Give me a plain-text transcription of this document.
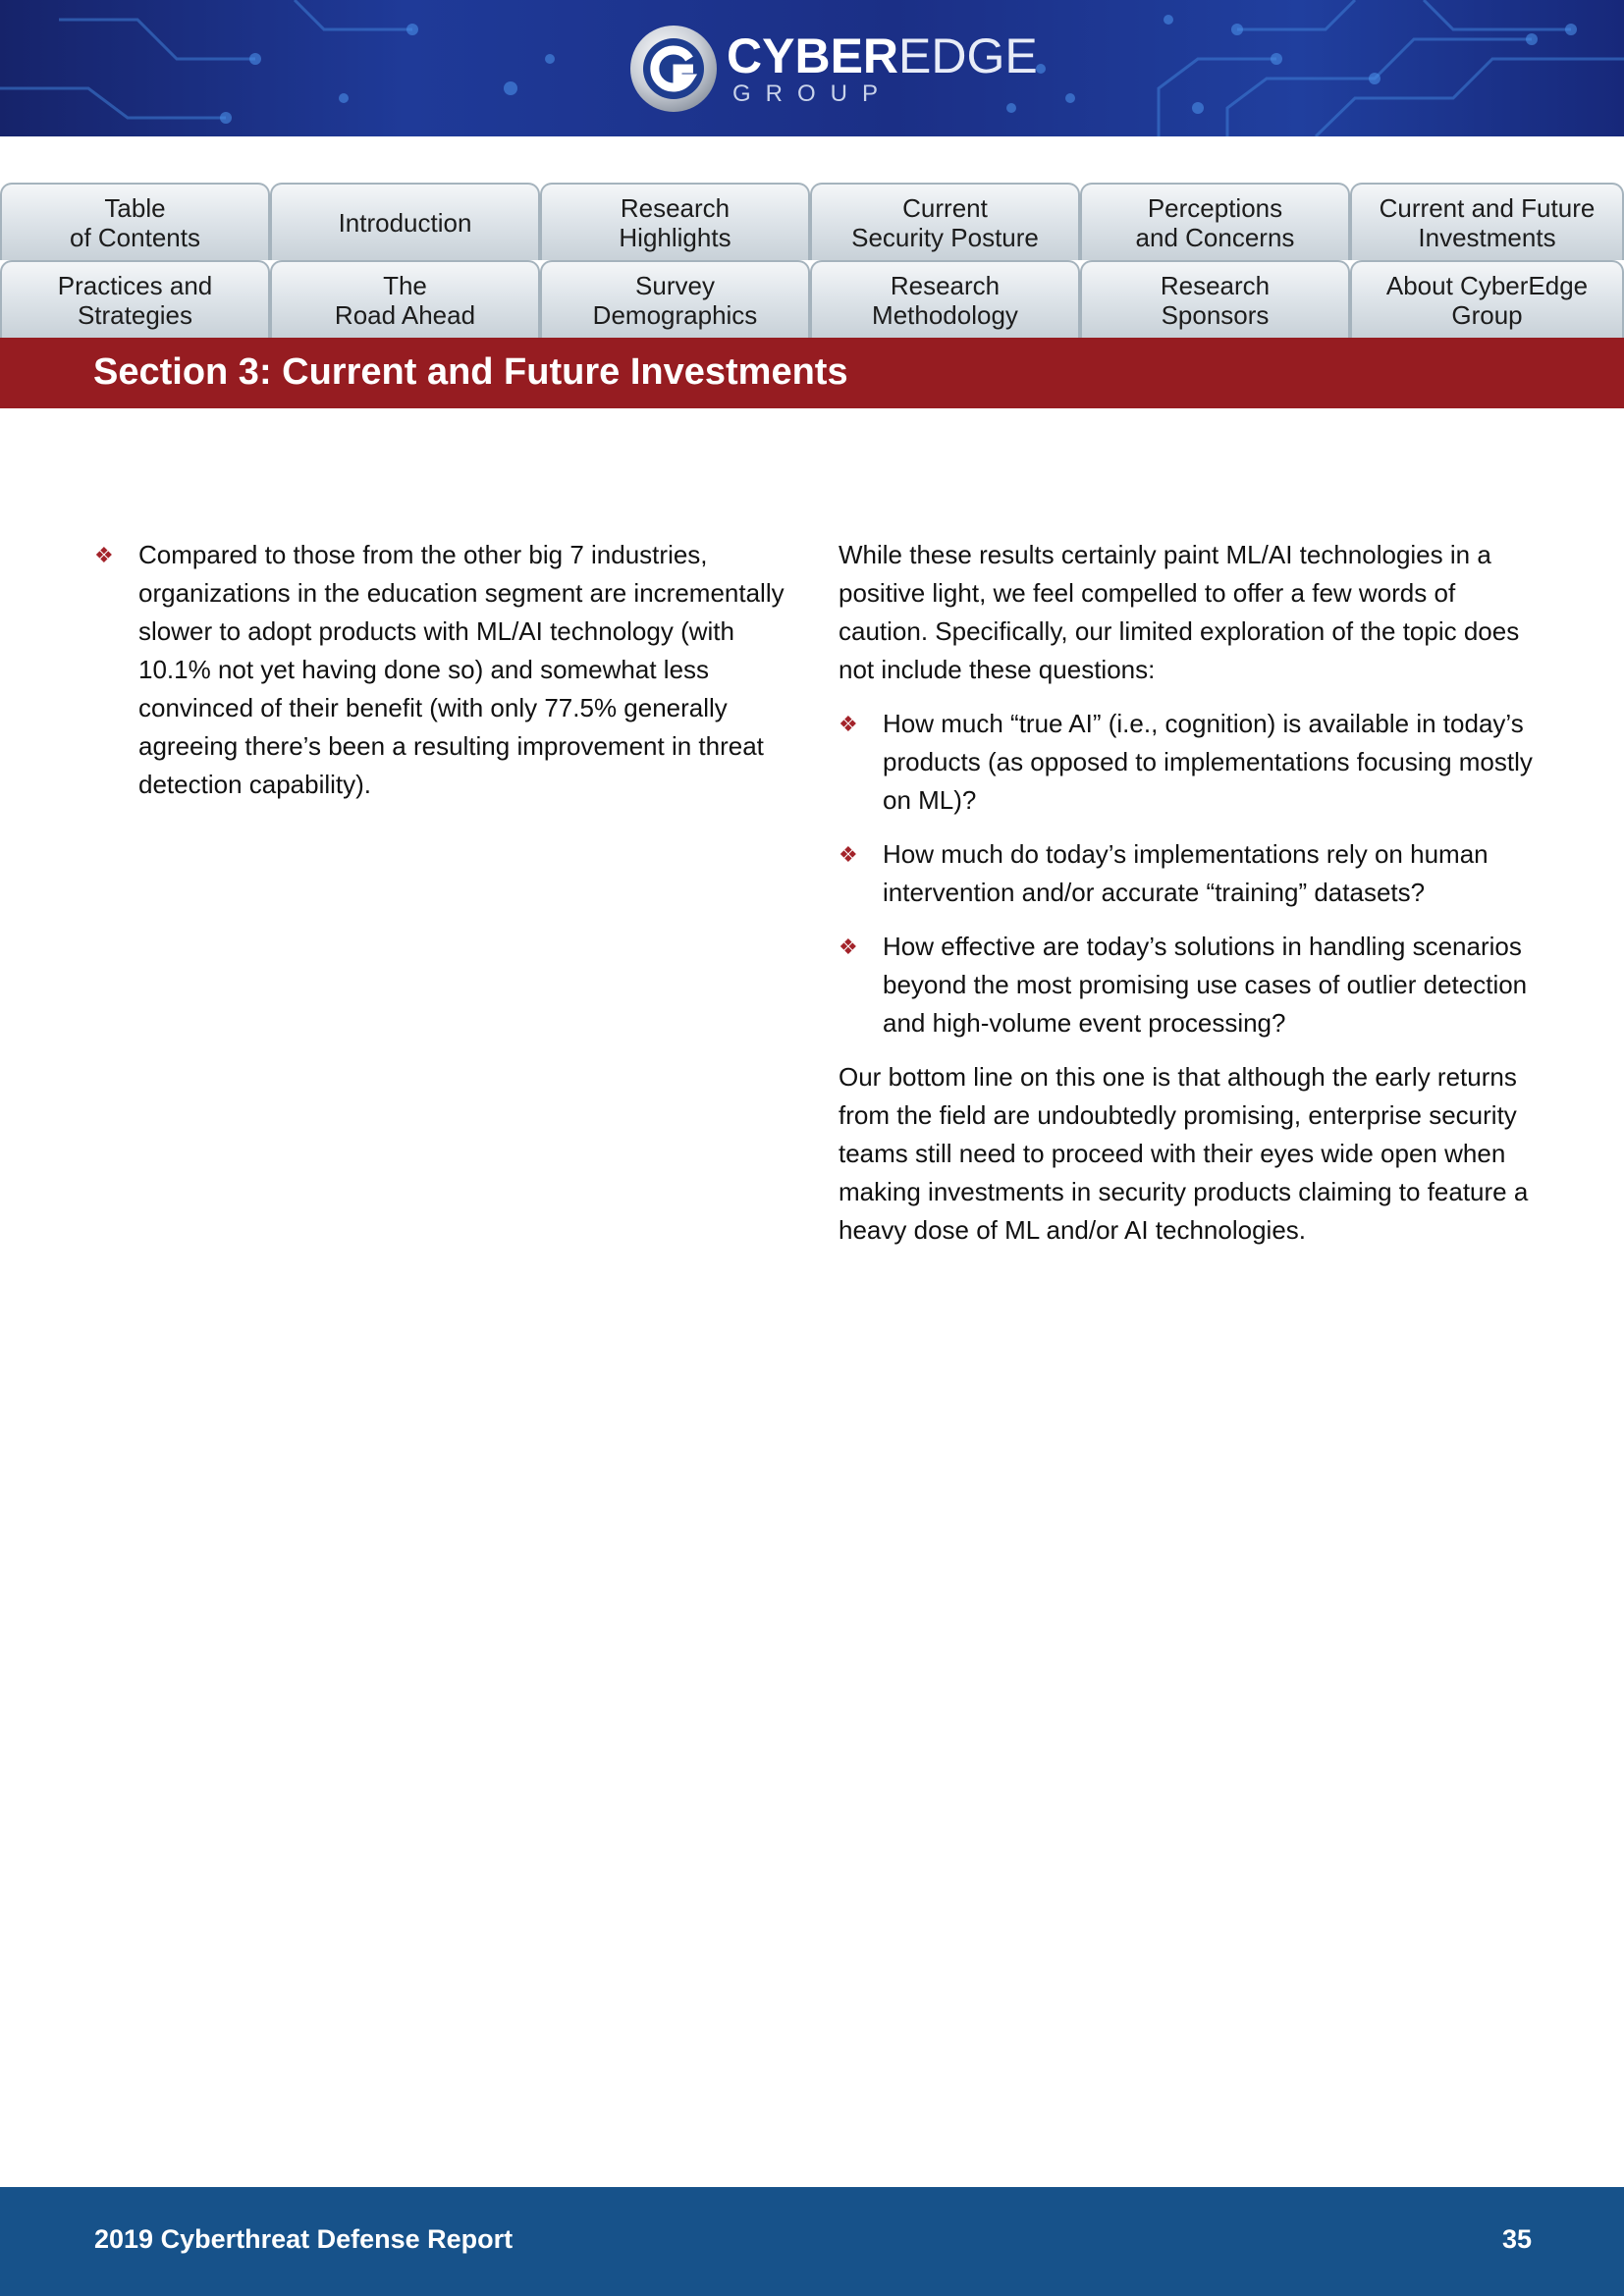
CYBEREDGE
GROUP
Table
of Contents	Introduction	Research
Highlights
Current
Security Posture
Perceptions
and Concerns
Current and Future
Investments
Practices and
Strategies
The
Road Ahead
Survey
Demographics
Research
Methodology
Research
Sponsors
About CyberEdge
Group
Section 3: Current and Future Investments
❖ Compared to those from the other big 7 industries, organizations in the education segment are incrementally slower to adopt products with ML/AI technology (with 10.1% not yet having done so) and somewhat less convinced of their benefit (with only 77.5% generally agreeing there’s been a resulting improvement in threat detection capability).

While these results certainly paint ML/AI technologies in a positive light, we feel compelled to offer a few words of caution. Specifically, our limited exploration of the topic does not include these questions:

❖ How much “true AI” (i.e., cognition) is available in today’s products (as opposed to implementations focusing mostly on ML)?
❖ How much do today’s implementations rely on human intervention and/or accurate “training” datasets?
❖ How effective are today’s solutions in handling scenarios beyond the most promising use cases of outlier detection and high-volume event processing?

Our bottom line on this one is that although the early returns from the field are undoubtedly promising, enterprise security teams still need to proceed with their eyes wide open when making investments in security products claiming to feature a heavy dose of ML and/or AI technologies.

2019 Cyberthreat Defense Report	35
